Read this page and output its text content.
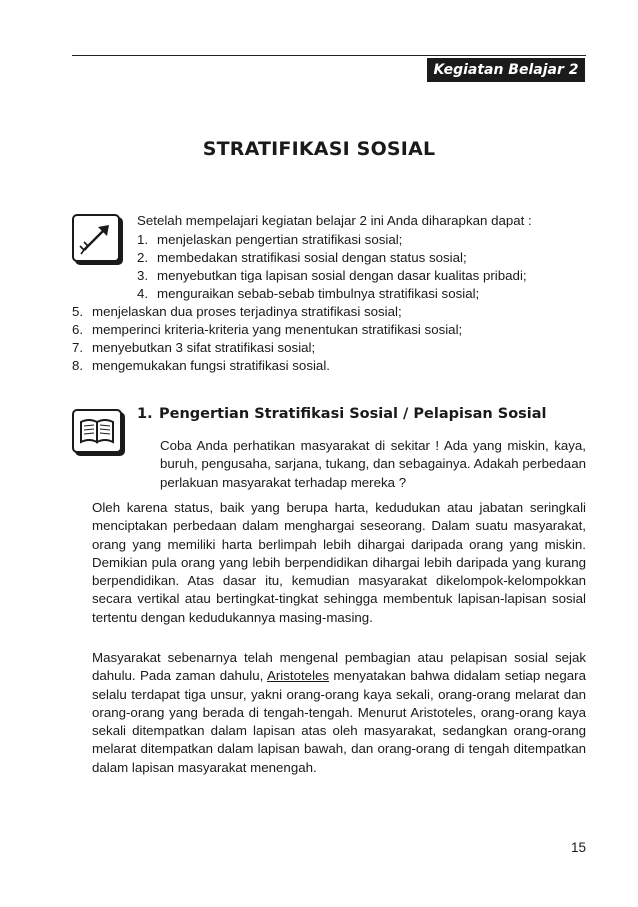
Kegiatan Belajar 2
STRATIFIKASI SOSIAL
Setelah mempelajari kegiatan belajar 2 ini Anda diharapkan dapat :
1. menjelaskan pengertian stratifikasi sosial;
2. membedakan stratifikasi sosial dengan status sosial;
3. menyebutkan tiga lapisan sosial dengan dasar kualitas pribadi;
4. menguraikan sebab-sebab timbulnya stratifikasi sosial;
5. menjelaskan dua proses terjadinya stratifikasi sosial;
6. memperinci kriteria-kriteria yang menentukan stratifikasi sosial;
7. menyebutkan 3 sifat stratifikasi sosial;
8. mengemukakan fungsi stratifikasi sosial.
1. Pengertian Stratifikasi Sosial / Pelapisan Sosial
Coba Anda perhatikan masyarakat di sekitar ! Ada yang miskin, kaya, buruh, pengusaha, sarjana, tukang, dan sebagainya. Adakah perbedaan perlakuan masyarakat terhadap mereka ?
Oleh karena status, baik yang berupa harta, kedudukan atau jabatan seringkali menciptakan perbedaan dalam menghargai seseorang. Dalam suatu masyarakat, orang yang memiliki harta berlimpah lebih dihargai daripada orang yang miskin. Demikian pula orang yang lebih berpendidikan dihargai lebih daripada yang kurang berpendidikan. Atas dasar itu, kemudian masyarakat dikelompok-kelompokkan secara vertikal atau bertingkat-tingkat sehingga membentuk lapisan-lapisan sosial tertentu dengan kedudukannya masing-masing.
Masyarakat sebenarnya telah mengenal pembagian atau pelapisan sosial sejak dahulu. Pada zaman dahulu, Aristoteles menyatakan bahwa didalam setiap negara selalu terdapat tiga unsur, yakni orang-orang kaya sekali, orang-orang melarat dan orang-orang yang berada di tengah-tengah. Menurut Aristoteles, orang-orang kaya sekali ditempatkan dalam lapisan atas oleh masyarakat, sedangkan orang-orang melarat ditempatkan dalam lapisan bawah, dan orang-orang di tengah ditempatkan dalam lapisan masyarakat menengah.
15
